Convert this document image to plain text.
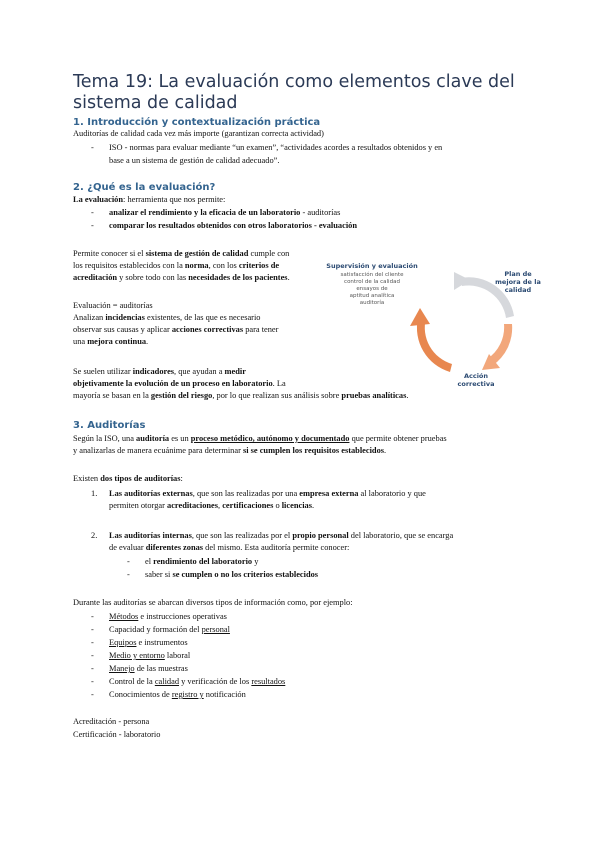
Tema 19: La evaluación como elementos clave del sistema de calidad
1. Introducción y contextualización práctica

Auditorías de calidad cada vez más importe (garantizan correcta actividad)

- ISO - normas para evaluar mediante “un examen”, “actividades acordes a resultados obtenidos y en

base a un sistema de gestión de calidad adecuado”.

2. ¿Qué es la evaluación?

La evaluación: herramienta que nos permite:

- analizar el rendimiento y la eficacia de un laboratorio - auditorías

- comparar los resultados obtenidos con otros laboratorios - evaluación

Permite conocer si el sistema de gestión de calidad cumple con
los requisitos establecidos con la norma, con los criterios de
acreditación y sobre todo con las necesidades de los pacientes.

Evaluación = auditorías
Analizan incidencias existentes, de las que es necesario
observar sus causas y aplicar acciones correctivas para tener
una mejora continua.

Se suelen utilizar indicadores, que ayudan a medir
objetivamente la evolución de un proceso en laboratorio. La
mayoría se basan en la gestión del riesgo, por lo que realizan sus análisis sobre pruebas analíticas.

Mejora
continua
de la calidad
Supervisión y evaluación
satisfacción del cliente
control de la calidad
ensayos de
aptitud analítica
auditoría
Plan de
mejora de la
calidad
Acción
correctiva
3. Auditorías

Según la ISO, una auditoría es un proceso metódico, autónomo y documentado que permite obtener pruebas
y analizarlas de manera ecuánime para determinar si se cumplen los requisitos establecidos.

Existen dos tipos de auditorías:

1. Las auditorías externas, que son las realizadas por una empresa externa al laboratorio y que
permiten otorgar acreditaciones, certificaciones o licencias.

2. Las auditorías internas, que son las realizadas por el propio personal del laboratorio, que se encarga
de evaluar diferentes zonas del mismo. Esta auditoría permite conocer:

- el rendimiento del laboratorio y

- saber si se cumplen o no los criterios establecidos

Durante las auditorías se abarcan diversos tipos de información como, por ejemplo:

- Métodos e instrucciones operativas

- Capacidad y formación del personal

- Equipos e instrumentos

- Medio y entorno laboral

- Manejo de las muestras

- Control de la calidad y verificación de los resultados

- Conocimientos de registro y notificación

Acreditación - persona

Certificación - laboratorio
